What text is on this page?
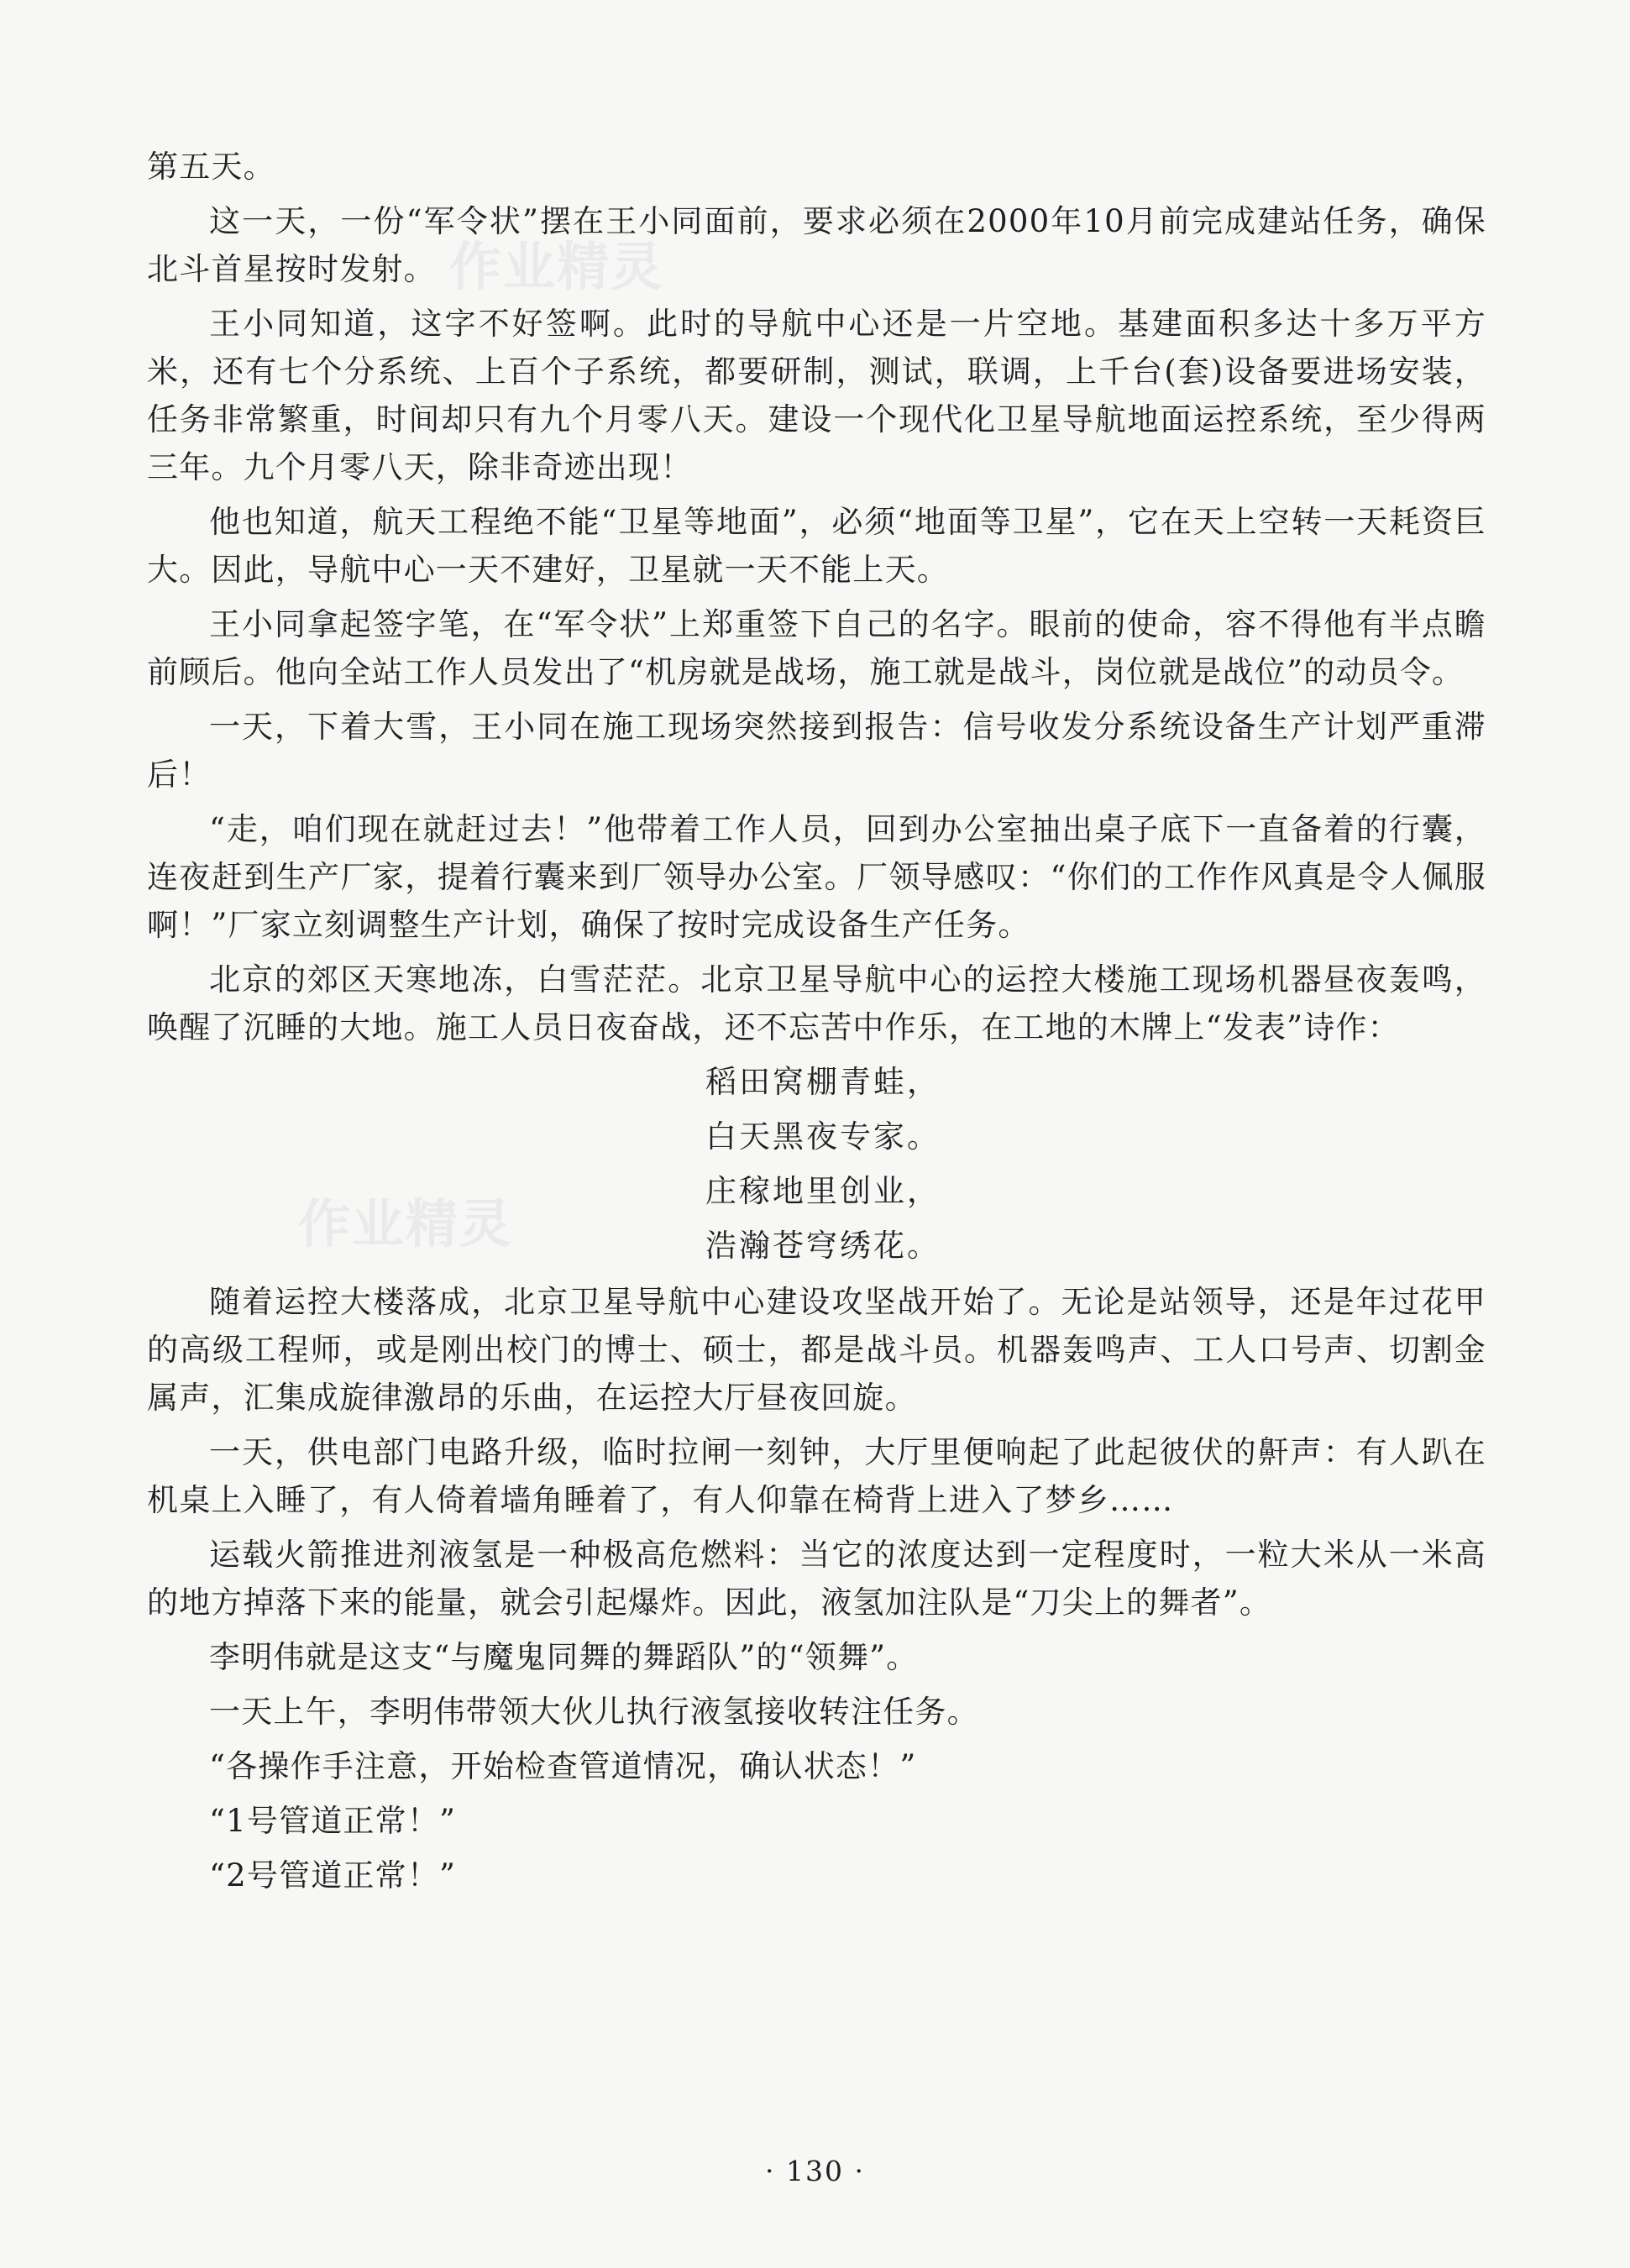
作业精灵
作业精灵

第五天。

这一天，一份“军令状”摆在王小同面前，要求必须在2000年10月前完成建站任务，确保北斗首星按时发射。

王小同知道，这字不好签啊。此时的导航中心还是一片空地。基建面积多达十多万平方米，还有七个分系统、上百个子系统，都要研制，测试，联调，上千台(套)设备要进场安装，任务非常繁重，时间却只有九个月零八天。建设一个现代化卫星导航地面运控系统，至少得两三年。九个月零八天，除非奇迹出现！

他也知道，航天工程绝不能“卫星等地面”，必须“地面等卫星”，它在天上空转一天耗资巨大。因此，导航中心一天不建好，卫星就一天不能上天。

王小同拿起签字笔，在“军令状”上郑重签下自己的名字。眼前的使命，容不得他有半点瞻前顾后。他向全站工作人员发出了“机房就是战场，施工就是战斗，岗位就是战位”的动员令。

一天，下着大雪，王小同在施工现场突然接到报告：信号收发分系统设备生产计划严重滞后！

“走，咱们现在就赶过去！”他带着工作人员，回到办公室抽出桌子底下一直备着的行囊，连夜赶到生产厂家，提着行囊来到厂领导办公室。厂领导感叹：“你们的工作作风真是令人佩服啊！”厂家立刻调整生产计划，确保了按时完成设备生产任务。

北京的郊区天寒地冻，白雪茫茫。北京卫星导航中心的运控大楼施工现场机器昼夜轰鸣，唤醒了沉睡的大地。施工人员日夜奋战，还不忘苦中作乐，在工地的木牌上“发表”诗作：

稻田窝棚青蛙，
白天黑夜专家。
庄稼地里创业，
浩瀚苍穹绣花。

随着运控大楼落成，北京卫星导航中心建设攻坚战开始了。无论是站领导，还是年过花甲的高级工程师，或是刚出校门的博士、硕士，都是战斗员。机器轰鸣声、工人口号声、切割金属声，汇集成旋律激昂的乐曲，在运控大厅昼夜回旋。

一天，供电部门电路升级，临时拉闸一刻钟，大厅里便响起了此起彼伏的鼾声：有人趴在机桌上入睡了，有人倚着墙角睡着了，有人仰靠在椅背上进入了梦乡……

运载火箭推进剂液氢是一种极高危燃料：当它的浓度达到一定程度时，一粒大米从一米高的地方掉落下来的能量，就会引起爆炸。因此，液氢加注队是“刀尖上的舞者”。

李明伟就是这支“与魔鬼同舞的舞蹈队”的“领舞”。

一天上午，李明伟带领大伙儿执行液氢接收转注任务。

“各操作手注意，开始检查管道情况，确认状态！”

“1号管道正常！”

“2号管道正常！”

· 130 ·
